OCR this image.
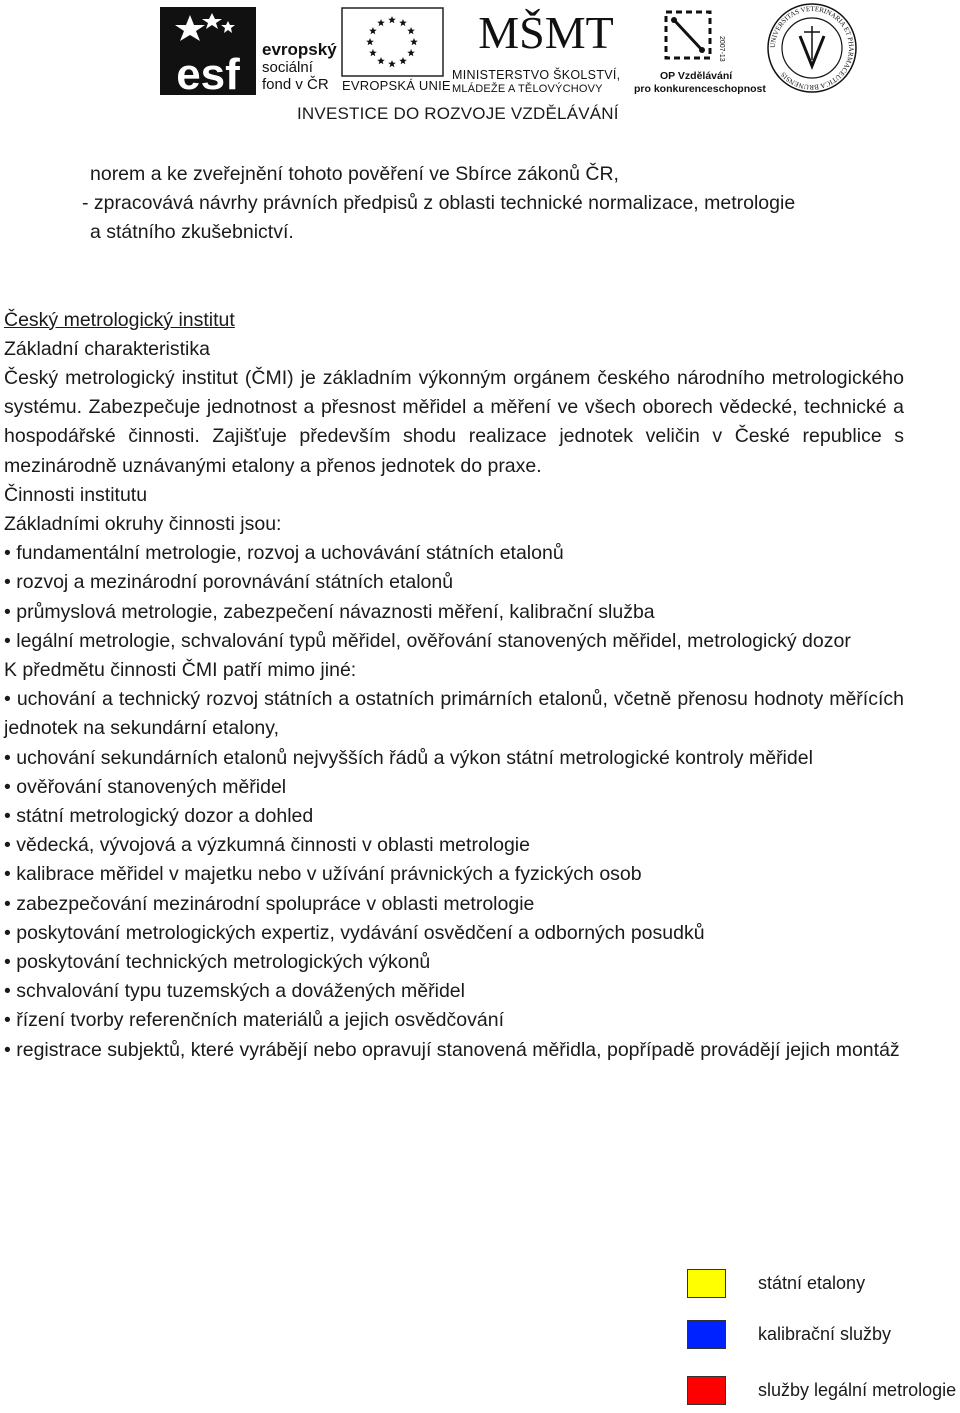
esf
evropský
sociální
fond v ČR EVROPSKÁ UNIE
MŠMT
MINISTERSTVO ŠKOLSTVÍ,
MLÁDEŽE A TĚLOVÝCHOVY
2007-13
OP Vzdělávání
pro konkurenceschopnost
UNIVERSITAS VETERINARIA ET PHARMACEUTICA BRUNENSIS
INVESTICE DO ROZVOJE VZDĚLÁVÁNÍ

norem a ke zveřejnění tohoto pověření ve Sbírce zákonů ČR,

- zpracovává návrhy právních předpisů z oblasti technické normalizace, metrologie

a státního zkušebnictví.

Český metrologický institut

Základní charakteristika

Český metrologický institut (ČMI) je základním výkonným orgánem českého národního metrologického systému. Zabezpečuje jednotnost a přesnost měřidel a měření ve všech oborech vědecké, technické a hospodářské činnosti. Zajišťuje především shodu realizace jednotek veličin v České republice s mezinárodně uznávanými etalony a přenos jednotek do praxe.

Činnosti institutu

Základními okruhy činnosti jsou:

• fundamentální metrologie, rozvoj a uchovávání státních etalonů

• rozvoj a mezinárodní porovnávání státních etalonů

• průmyslová metrologie, zabezpečení návaznosti měření, kalibrační služba

• legální metrologie, schvalování typů měřidel, ověřování stanovených měřidel, metrologický dozor

K předmětu činnosti ČMI patří mimo jiné:

• uchování a technický rozvoj státních a ostatních primárních etalonů, včetně přenosu hodnoty měřících jednotek na sekundární etalony,

• uchování sekundárních etalonů nejvyšších řádů a výkon státní metrologické kontroly měřidel

• ověřování stanovených měřidel

• státní metrologický dozor a dohled

• vědecká, vývojová a výzkumná činnosti v oblasti metrologie

• kalibrace měřidel v majetku nebo v užívání právnických a fyzických osob

• zabezpečování mezinárodní spolupráce v oblasti metrologie

• poskytování metrologických expertiz, vydávání osvědčení a odborných posudků

• poskytování technických metrologických výkonů

• schvalování typu tuzemských a dovážených měřidel

• řízení tvorby referenčních materiálů a jejich osvědčování

• registrace subjektů, které vyrábějí nebo opravují stanovená měřidla, popřípadě provádějí jejich montáž

státní etalony
kalibrační služby
služby legální metrologie
